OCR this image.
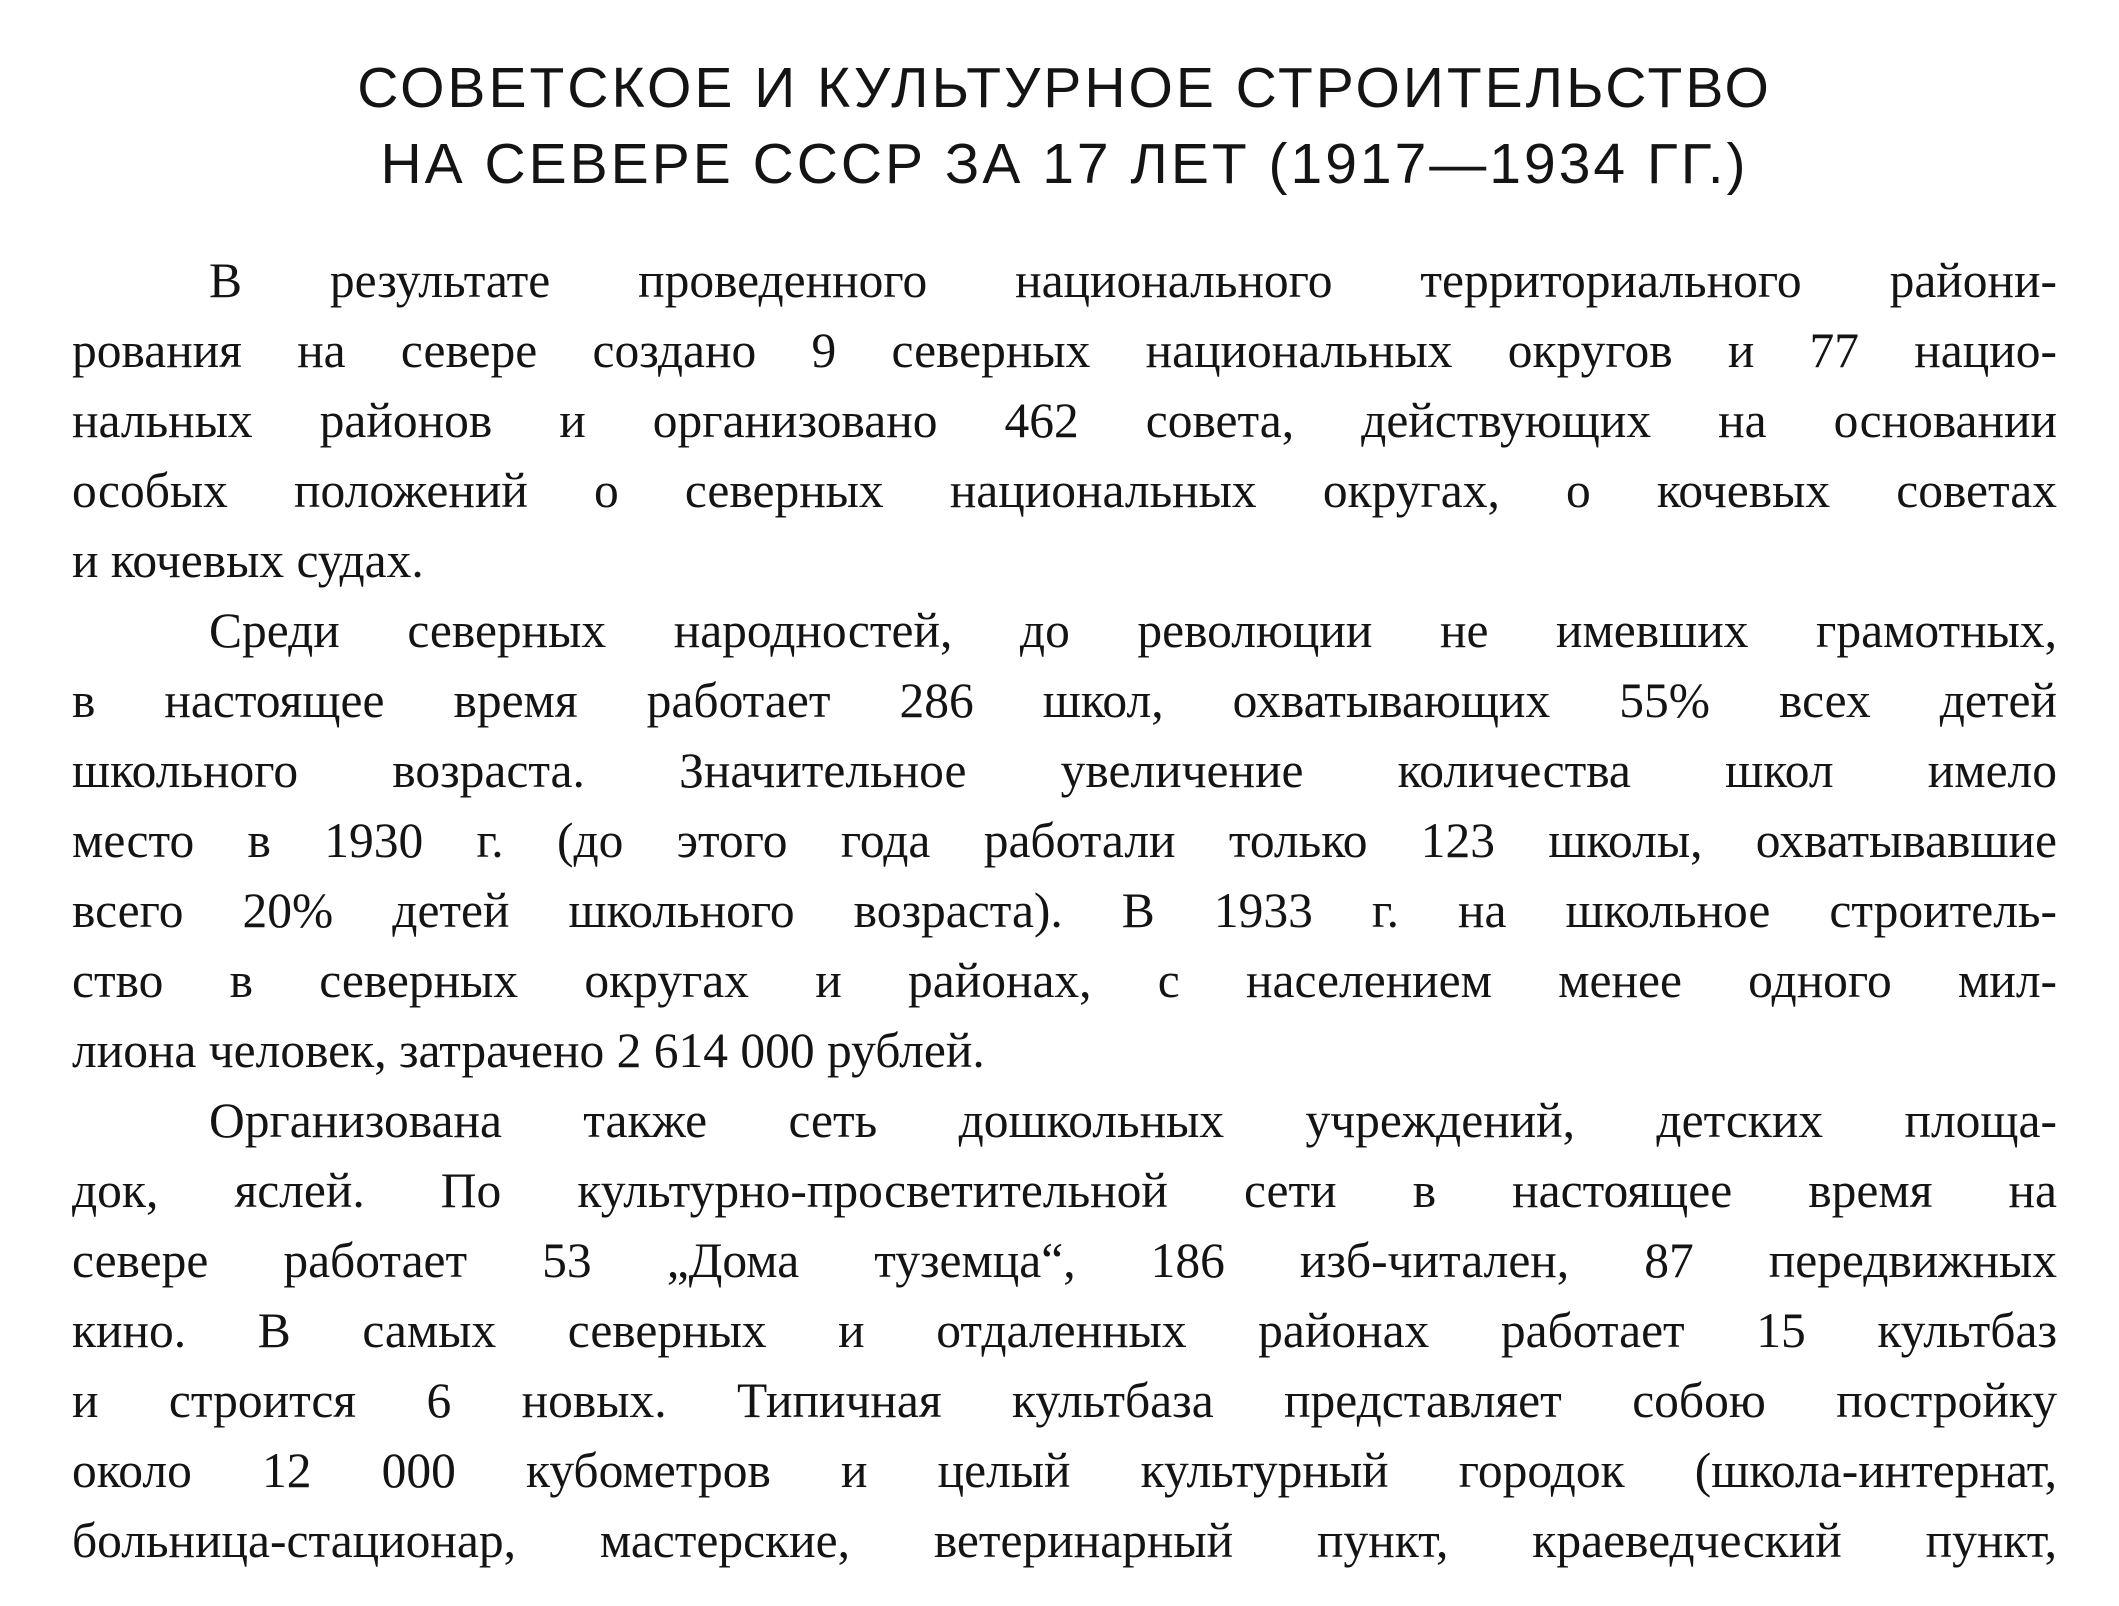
СОВЕТСКОЕ И КУЛЬТУРНОЕ СТРОИТЕЛЬСТВО
НА СЕВЕРЕ СССР ЗА 17 ЛЕТ (1917—1934 ГГ.)

В результате проведенного национального территориального райони-
рования на севере создано 9 северных национальных округов и 77 нацио-
нальных районов и организовано 462 совета, действующих на основании
особых положений о северных национальных округах, о кочевых советах
и кочевых судах.

Среди северных народностей, до революции не имевших грамотных,
в настоящее время работает 286 школ, охватывающих 55% всех детей
школьного возраста. Значительное увеличение количества школ имело
место в 1930 г. (до этого года работали только 123 школы, охватывавшие
всего 20% детей школьного возраста). В 1933 г. на школьное строитель-
ство в северных округах и районах, с населением менее одного мил-
лиона человек, затрачено 2 614 000 рублей.

Организована также сеть дошкольных учреждений, детских площа-
док, яслей. По культурно-просветительной сети в настоящее время на
севере работает 53 „Дома туземца“, 186 изб-читален, 87 передвижных
кино. В самых северных и отдаленных районах работает 15 культбаз
и строится 6 новых. Типичная культбаза представляет собою постройку
около 12 000 кубометров и целый культурный городок (школа-интернат,
больница-стационар, мастерские, ветеринарный пункт, краеведческий пункт,
